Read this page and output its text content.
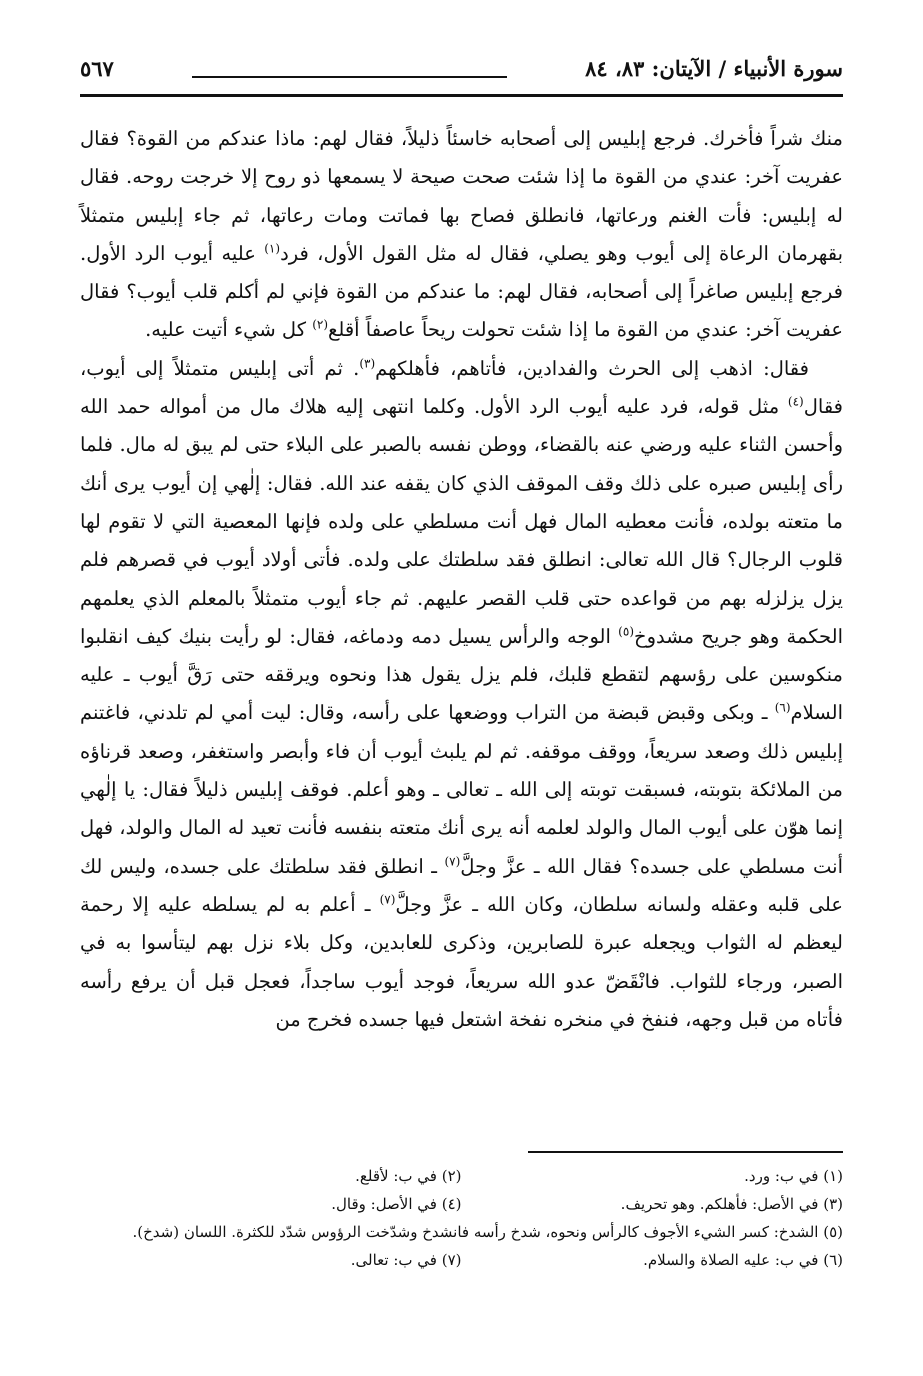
سورة الأنبياء / الآيتان: ٨٣، ٨٤
٥٦٧

منك شراً فأخرك. فرجع إبليس إلى أصحابه خاسئاً ذليلاً، فقال لهم: ماذا عندكم من القوة؟ فقال عفريت آخر: عندي من القوة ما إذا شئت صحت صيحة لا يسمعها ذو روح إلا خرجت روحه. فقال له إبليس: فأت الغنم ورعاتها، فانطلق فصاح بها فماتت ومات رعاتها، ثم جاء إبليس متمثلاً بقهرمان الرعاة إلى أيوب وهو يصلي، فقال له مثل القول الأول، فرد$^{(١)}$ عليه أيوب الرد الأول. فرجع إبليس صاغراً إلى أصحابه، فقال لهم: ما عندكم من القوة فإني لم أكلم قلب أيوب؟ فقال عفريت آخر: عندي من القوة ما إذا شئت تحولت ريحاً عاصفاً أقلع$^{(٢)}$ كل شيء أتيت عليه.

فقال: اذهب إلى الحرث والفدادين، فأتاهم، فأهلكهم$^{(٣)}$. ثم أتى إبليس متمثلاً إلى أيوب، فقال$^{(٤)}$ مثل قوله، فرد عليه أيوب الرد الأول. وكلما انتهى إليه هلاك مال من أمواله حمد الله وأحسن الثناء عليه ورضي عنه بالقضاء، ووطن نفسه بالصبر على البلاء حتى لم يبق له مال. فلما رأى إبليس صبره على ذلك وقف الموقف الذي كان يقفه عند الله. فقال: إلٰهي إن أيوب يرى أنك ما متعته بولده، فأنت معطيه المال فهل أنت مسلطي على ولده فإنها المعصية التي لا تقوم لها قلوب الرجال؟ قال الله تعالى: انطلق فقد سلطتك على ولده. فأتى أولاد أيوب في قصرهم فلم يزل يزلزله بهم من قواعده حتى قلب القصر عليهم. ثم جاء أيوب متمثلاً بالمعلم الذي يعلمهم الحكمة وهو جريح مشدوخ$^{(٥)}$ الوجه والرأس يسيل دمه ودماغه، فقال: لو رأيت بنيك كيف انقلبوا منكوسين على رؤسهم لتقطع قلبك، فلم يزل يقول هذا ونحوه ويرققه حتى رَقَّ أيوب ـ عليه السلام$^{(٦)}$ ـ وبكى وقبض قبضة من التراب ووضعها على رأسه، وقال: ليت أمي لم تلدني، فاغتنم إبليس ذلك وصعد سريعاً، ووقف موقفه. ثم لم يلبث أيوب أن فاء وأبصر واستغفر، وصعد قرناؤه من الملائكة بتوبته، فسبقت توبته إلى الله ـ تعالى ـ وهو أعلم. فوقف إبليس ذليلاً فقال: يا إلٰهي إنما هوّن على أيوب المال والولد لعلمه أنه يرى أنك متعته بنفسه فأنت تعيد له المال والولد، فهل أنت مسلطي على جسده؟ فقال الله ـ عزَّ وجلَّ$^{(٧)}$ ـ انطلق فقد سلطتك على جسده، وليس لك على قلبه وعقله ولسانه سلطان، وكان الله ـ عزَّ وجلَّ$^{(٧)}$ ـ أعلم به لم يسلطه عليه إلا رحمة ليعظم له الثواب ويجعله عبرة للصابرين، وذكرى للعابدين، وكل بلاء نزل بهم ليتأسوا به في الصبر، ورجاء للثواب. فانْقَضّ عدو الله سريعاً، فوجد أيوب ساجداً، فعجل قبل أن يرفع رأسه فأتاه من قبل وجهه، فنفخ في منخره نفخة اشتعل فيها جسده فخرج من

(١) في ب: ورد.
(٢) في ب: لأقلع.
(٣) في الأصل: فأهلكم. وهو تحريف.
(٤) في الأصل: وقال.
(٥) الشدخ: كسر الشيء الأجوف كالرأس ونحوه، شدخ رأسه فانشدخ وشدّخت الرؤوس شدّد للكثرة. اللسان (شدخ).
(٦) في ب: عليه الصلاة والسلام.
(٧) في ب: تعالى.
